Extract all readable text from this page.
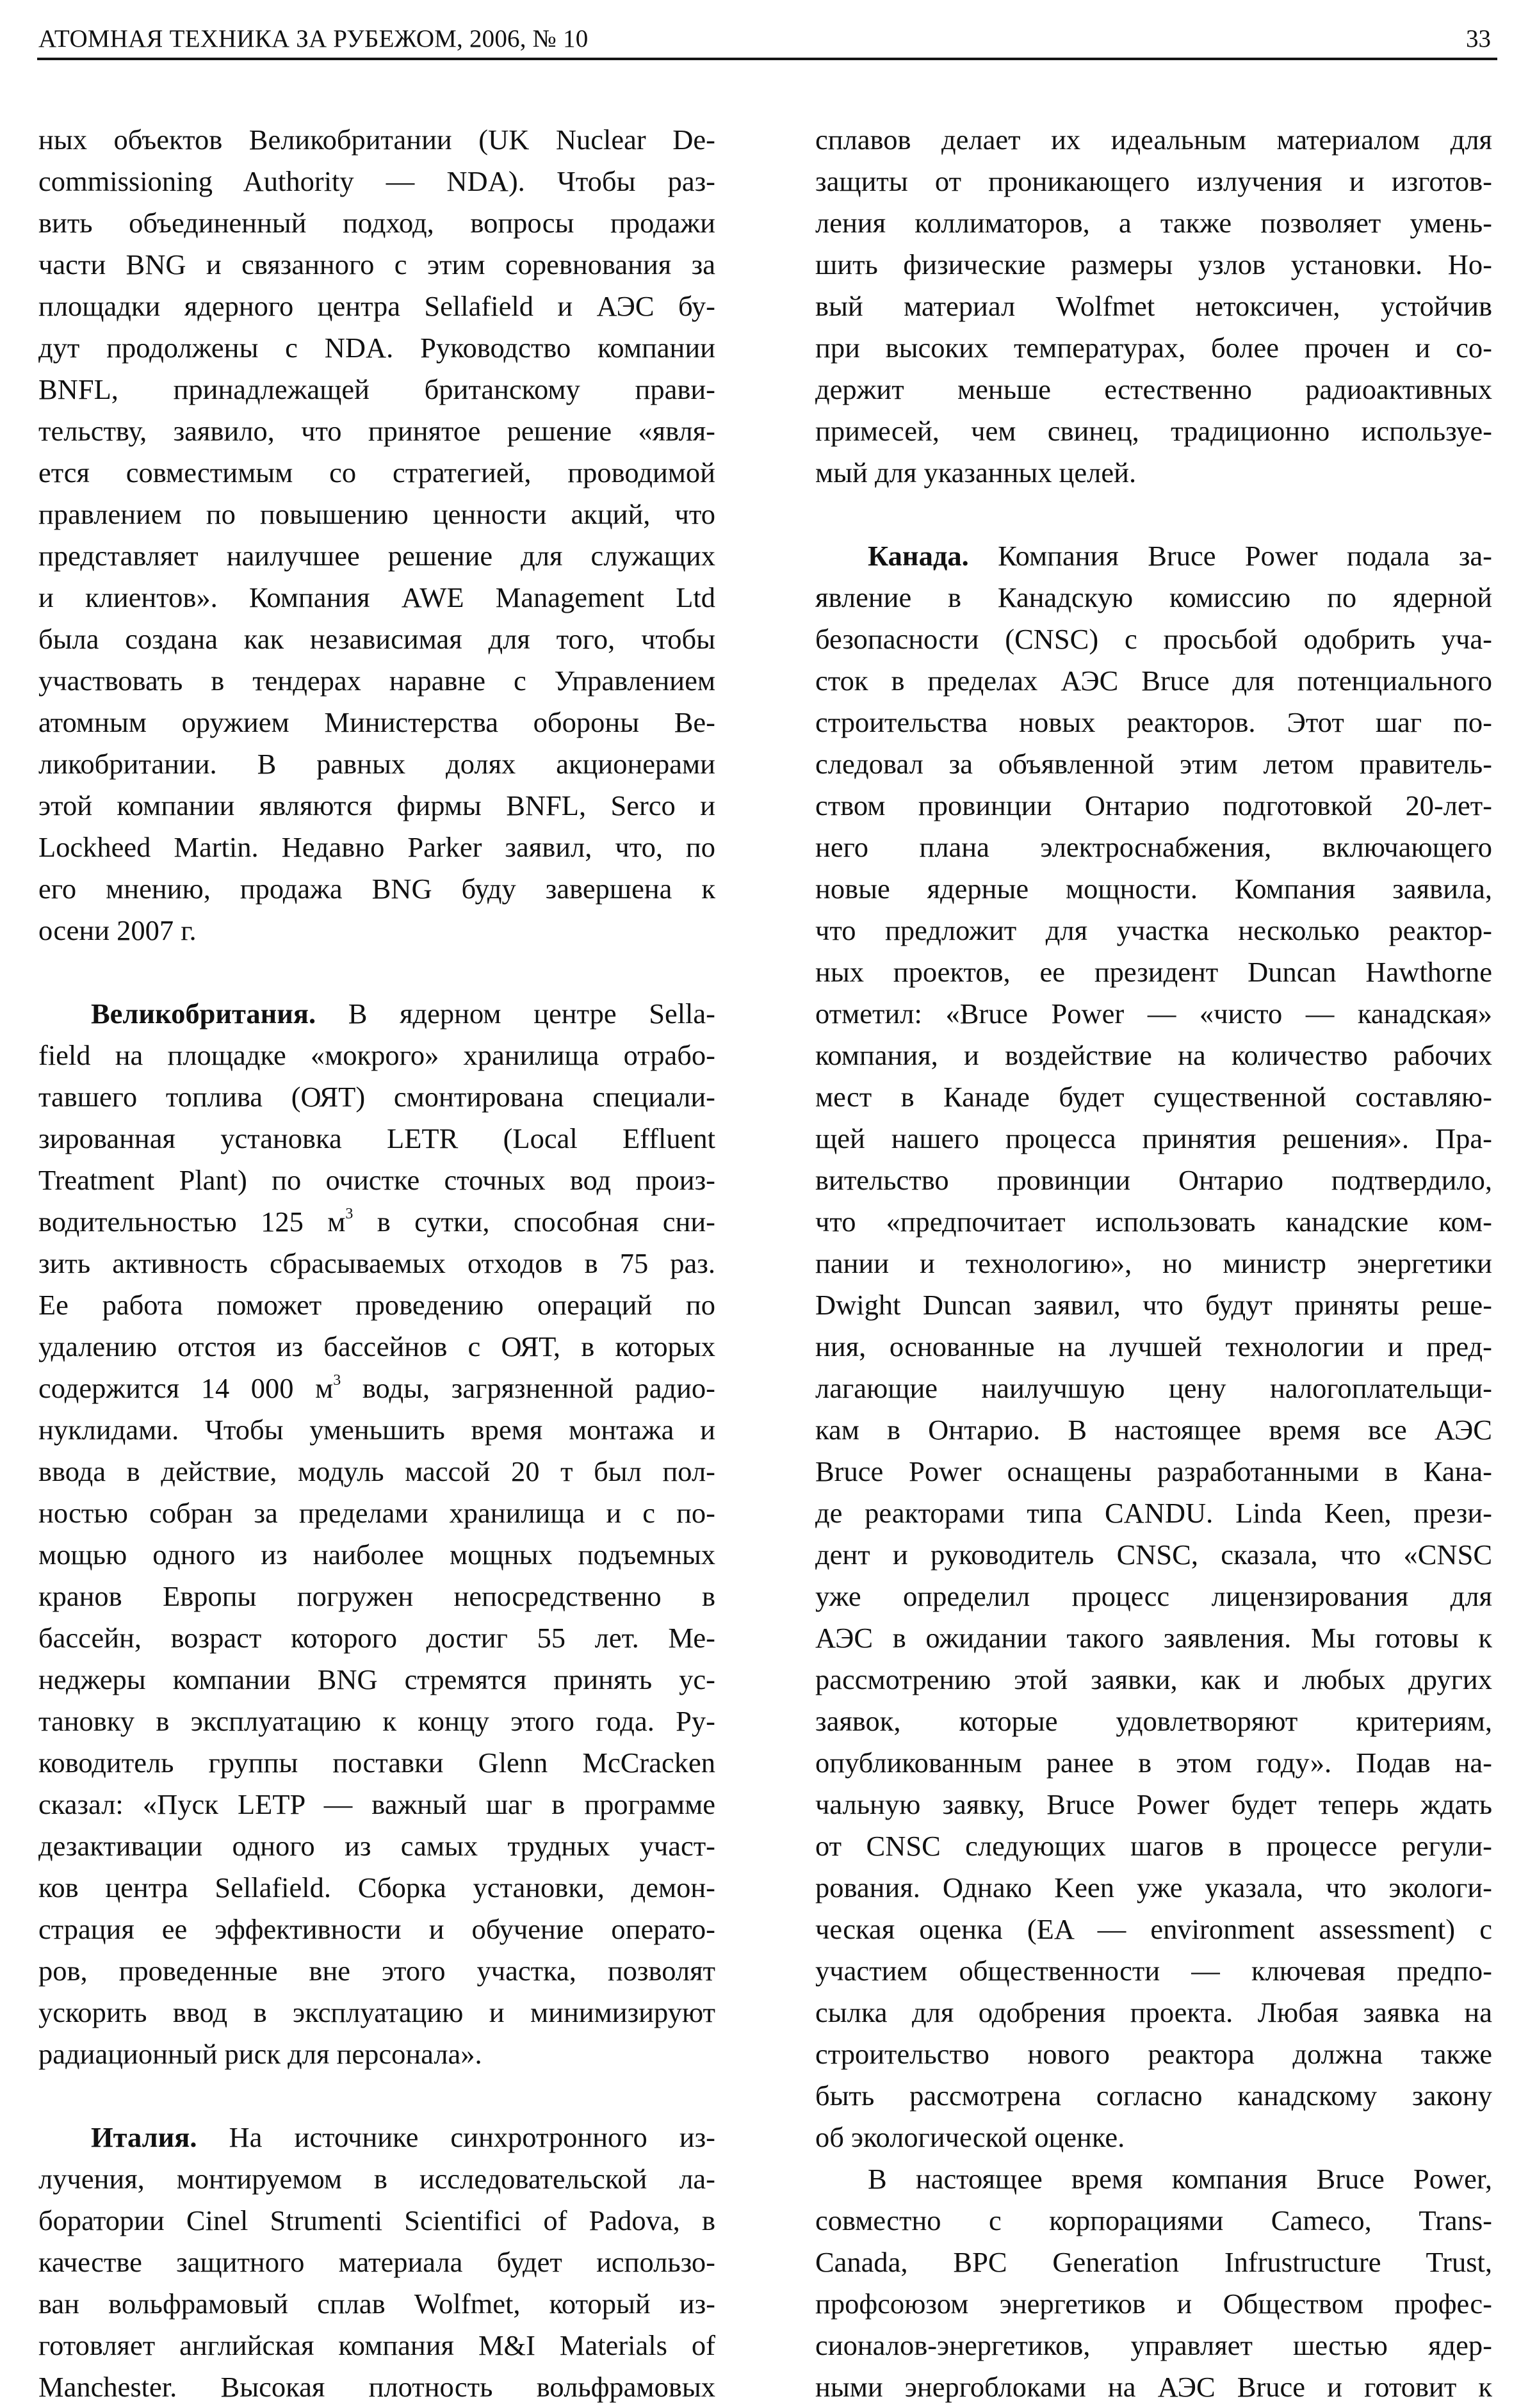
АТОМНАЯ ТЕХНИКА ЗА РУБЕЖОМ, 2006, № 10	33
ных объектов Великобритании (UK Nuclear De-
commissioning Authority — NDA). Чтобы раз-
вить объединенный подход, вопросы продажи
части BNG и связанного с этим соревнования за
площадки ядерного центра Sellafield и АЭС бу-
дут продолжены с NDA. Руководство компании
BNFL, принадлежащей британскому прави-
тельству, заявило, что принятое решение «явля-
ется совместимым со стратегией, проводимой
правлением по повышению ценности акций, что
представляет наилучшее решение для служащих
и клиентов». Компания AWE Management Ltd
была создана как независимая для того, чтобы
участвовать в тендерах наравне с Управлением
атомным оружием Министерства обороны Ве-
ликобритании. В равных долях акционерами
этой компании являются фирмы BNFL, Serco и
Lockheed Martin. Недавно Parker заявил, что, по
его мнению, продажа BNG буду завершена к
осени 2007 г.
Великобритания. В ядерном центре Sella-
field на площадке «мокрого» хранилища отрабо-
тавшего топлива (ОЯТ) смонтирована специали-
зированная установка LETR (Local Effluent
Treatment Plant) по очистке сточных вод произ-
водительностью 125 $м^3$ в сутки, способная сни-
зить активность сбрасываемых отходов в 75 раз.
Ее работа поможет проведению операций по
удалению отстоя из бассейнов с ОЯТ, в которых
содержится 14 000 $м^3$ воды, загрязненной радио-
нуклидами. Чтобы уменьшить время монтажа и
ввода в действие, модуль массой 20 т был пол-
ностью собран за пределами хранилища и с по-
мощью одного из наиболее мощных подъемных
кранов Европы погружен непосредственно в
бассейн, возраст которого достиг 55 лет. Ме-
неджеры компании BNG стремятся принять ус-
тановку в эксплуатацию к концу этого года. Ру-
ководитель группы поставки Glenn McCracken
сказал: «Пуск LETP — важный шаг в программе
дезактивации одного из самых трудных участ-
ков центра Sellafield. Сборка установки, демон-
страция ее эффективности и обучение операто-
ров, проведенные вне этого участка, позволят
ускорить ввод в эксплуатацию и минимизируют
радиационный риск для персонала».
Италия. На источнике синхротронного из-
лучения, монтируемом в исследовательской ла-
боратории Cinel Strumenti Scientifici of Padova, в
качестве защитного материала будет использо-
ван вольфрамовый сплав Wolfmet, который из-
готовляет английская компания M&I Materials of
Manchester. Высокая плотность вольфрамовых
сплавов делает их идеальным материалом для
защиты от проникающего излучения и изготов-
ления коллиматоров, а также позволяет умень-
шить физические размеры узлов установки. Но-
вый материал Wolfmet нетоксичен, устойчив
при высоких температурах, более прочен и со-
держит меньше естественно радиоактивных
примесей, чем свинец, традиционно используе-
мый для указанных целей.
Канада. Компания Bruce Power подала за-
явление в Канадскую комиссию по ядерной
безопасности (CNSC) с просьбой одобрить уча-
сток в пределах АЭС Bruce для потенциального
строительства новых реакторов. Этот шаг по-
следовал за объявленной этим летом правитель-
ством провинции Онтарио подготовкой 20-лет-
него плана электроснабжения, включающего
новые ядерные мощности. Компания заявила,
что предложит для участка несколько реактор-
ных проектов, ее президент Duncan Hawthorne
отметил: «Bruce Power — «чисто — канадская»
компания, и воздействие на количество рабочих
мест в Канаде будет существенной составляю-
щей нашего процесса принятия решения». Пра-
вительство провинции Онтарио подтвердило,
что «предпочитает использовать канадские ком-
пании и технологию», но министр энергетики
Dwight Duncan заявил, что будут приняты реше-
ния, основанные на лучшей технологии и пред-
лагающие наилучшую цену налогоплательщи-
кам в Онтарио. В настоящее время все АЭС
Bruce Power оснащены разработанными в Кана-
де реакторами типа CANDU. Linda Keen, прези-
дент и руководитель CNSC, сказала, что «CNSC
уже определил процесс лицензирования для
АЭС в ожидании такого заявления. Мы готовы к
рассмотрению этой заявки, как и любых других
заявок, которые удовлетворяют критериям,
опубликованным ранее в этом году». Подав на-
чальную заявку, Bruce Power будет теперь ждать
от CNSC следующих шагов в процессе регули-
рования. Однако Keen уже указала, что экологи-
ческая оценка (EA — environment assessment) с
участием общественности — ключевая предпо-
сылка для одобрения проекта. Любая заявка на
строительство нового реактора должна также
быть рассмотрена согласно канадскому закону
об экологической оценке.
В настоящее время компания Bruce Power,
совместно с корпорациями Cameco, Trans-
Canada, BPC Generation Infrustructure Trust,
профсоюзом энергетиков и Обществом профес-
сионалов-энергетиков, управляет шестью ядер-
ными энергоблоками на АЭС Bruce и готовит к
